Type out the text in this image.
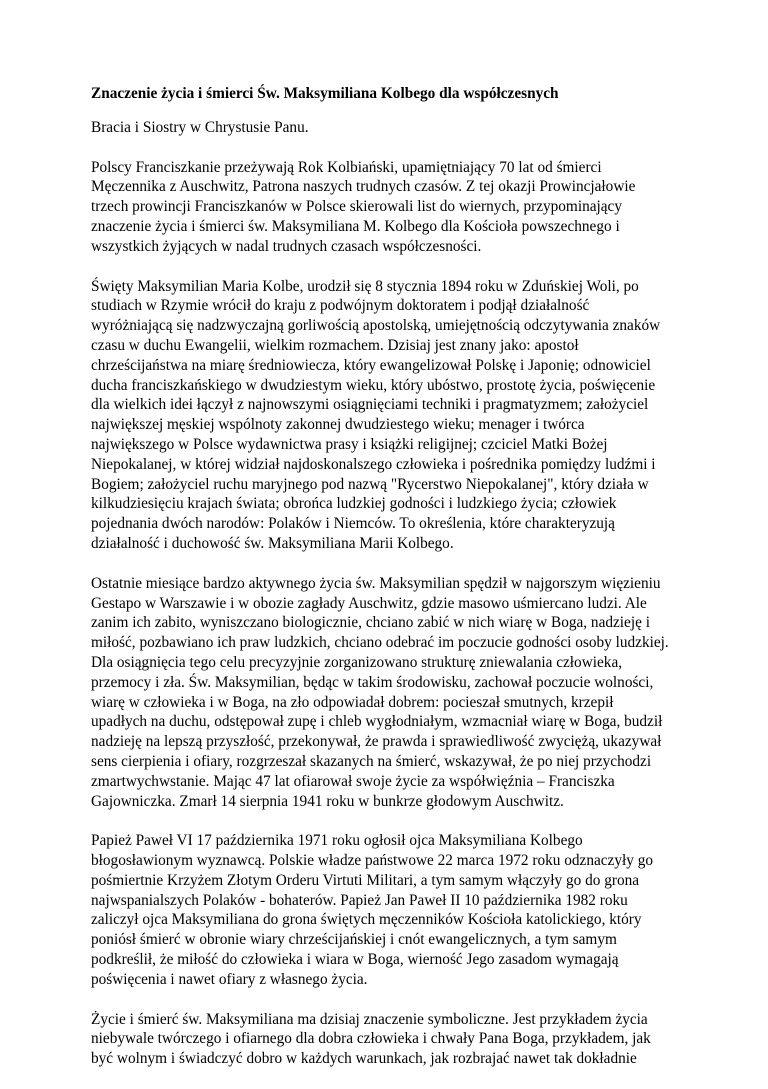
Znaczenie życia i śmierci Św. Maksymiliana Kolbego dla współczesnych
Bracia i Siostry w Chrystusie Panu.
Polscy Franciszkanie przeżywają Rok Kolbiański, upamiętniający 70 lat od śmierci
Męczennika z Auschwitz, Patrona naszych trudnych czasów. Z tej okazji Prowincjałowie
trzech prowincji Franciszkanów w Polsce skierowali list do wiernych, przypominający
znaczenie życia i śmierci św. Maksymiliana M. Kolbego dla Kościoła powszechnego i
wszystkich żyjących w nadal trudnych czasach współczesności.
Święty Maksymilian Maria Kolbe, urodził się 8 stycznia 1894 roku w Zduńskiej Woli, po
studiach w Rzymie wrócił do kraju z podwójnym doktoratem i podjął działalność
wyróżniającą się nadzwyczajną gorliwością apostolską, umiejętnością odczytywania znaków
czasu w duchu Ewangelii, wielkim rozmachem. Dzisiaj jest znany jako: apostoł
chrześcijaństwa na miarę średniowiecza, który ewangelizował Polskę i Japonię; odnowiciel
ducha franciszkańskiego w dwudziestym wieku, który ubóstwo, prostotę życia, poświęcenie
dla wielkich idei łączył z najnowszymi osiągnięciami techniki i pragmatyzmem; założyciel
największej męskiej wspólnoty zakonnej dwudziestego wieku; menager i twórca
największego w Polsce wydawnictwa prasy i książki religijnej; czciciel Matki Bożej
Niepokalanej, w której widział najdoskonalszego człowieka i pośrednika pomiędzy ludźmi i
Bogiem; założyciel ruchu maryjnego pod nazwą "Rycerstwo Niepokalanej", który działa w
kilkudziesięciu krajach świata; obrońca ludzkiej godności i ludzkiego życia; człowiek
pojednania dwóch narodów: Polaków i Niemców. To określenia, które charakteryzują
działalność i duchowość św. Maksymiliana Marii Kolbego.
Ostatnie miesiące bardzo aktywnego życia św. Maksymilian spędził w najgorszym więzieniu
Gestapo w Warszawie i w obozie zagłady Auschwitz, gdzie masowo uśmiercano ludzi. Ale
zanim ich zabito, wyniszczano biologicznie, chciano zabić w nich wiarę w Boga, nadzieję i
miłość, pozbawiano ich praw ludzkich, chciano odebrać im poczucie godności osoby ludzkiej.
Dla osiągnięcia tego celu precyzyjnie zorganizowano strukturę zniewalania człowieka,
przemocy i zła. Św. Maksymilian, będąc w takim środowisku, zachował poczucie wolności,
wiarę w człowieka i w Boga, na zło odpowiadał dobrem: pocieszał smutnych, krzepił
upadłych na duchu, odstępował zupę i chleb wygłodniałym, wzmacniał wiarę w Boga, budził
nadzieję na lepszą przyszłość, przekonywał, że prawda i sprawiedliwość zwyciężą, ukazywał
sens cierpienia i ofiary, rozgrzeszał skazanych na śmierć, wskazywał, że po niej przychodzi
zmartwychwstanie. Mając 47 lat ofiarował swoje życie za współwięźnia – Franciszka
Gajowniczka. Zmarł 14 sierpnia 1941 roku w bunkrze głodowym Auschwitz.
Papież Paweł VI 17 października 1971 roku ogłosił ojca Maksymiliana Kolbego
błogosławionym wyznawcą. Polskie władze państwowe 22 marca 1972 roku odznaczyły go
pośmiertnie Krzyżem Złotym Orderu Virtuti Militari, a tym samym włączyły go do grona
najwspanialszych Polaków - bohaterów. Papież Jan Paweł II 10 października 1982 roku
zaliczył ojca Maksymiliana do grona świętych męczenników Kościoła katolickiego, który
poniósł śmierć w obronie wiary chrześcijańskiej i cnót ewangelicznych, a tym samym
podkreślił, że miłość do człowieka i wiara w Boga, wierność Jego zasadom wymagają
poświęcenia i nawet ofiary z własnego życia.
Życie i śmierć św. Maksymiliana ma dzisiaj znaczenie symboliczne. Jest przykładem życia
niebywale twórczego i ofiarnego dla dobra człowieka i chwały Pana Boga, przykładem, jak
być wolnym i świadczyć dobro w każdych warunkach, jak rozbrajać nawet tak dokładnie
